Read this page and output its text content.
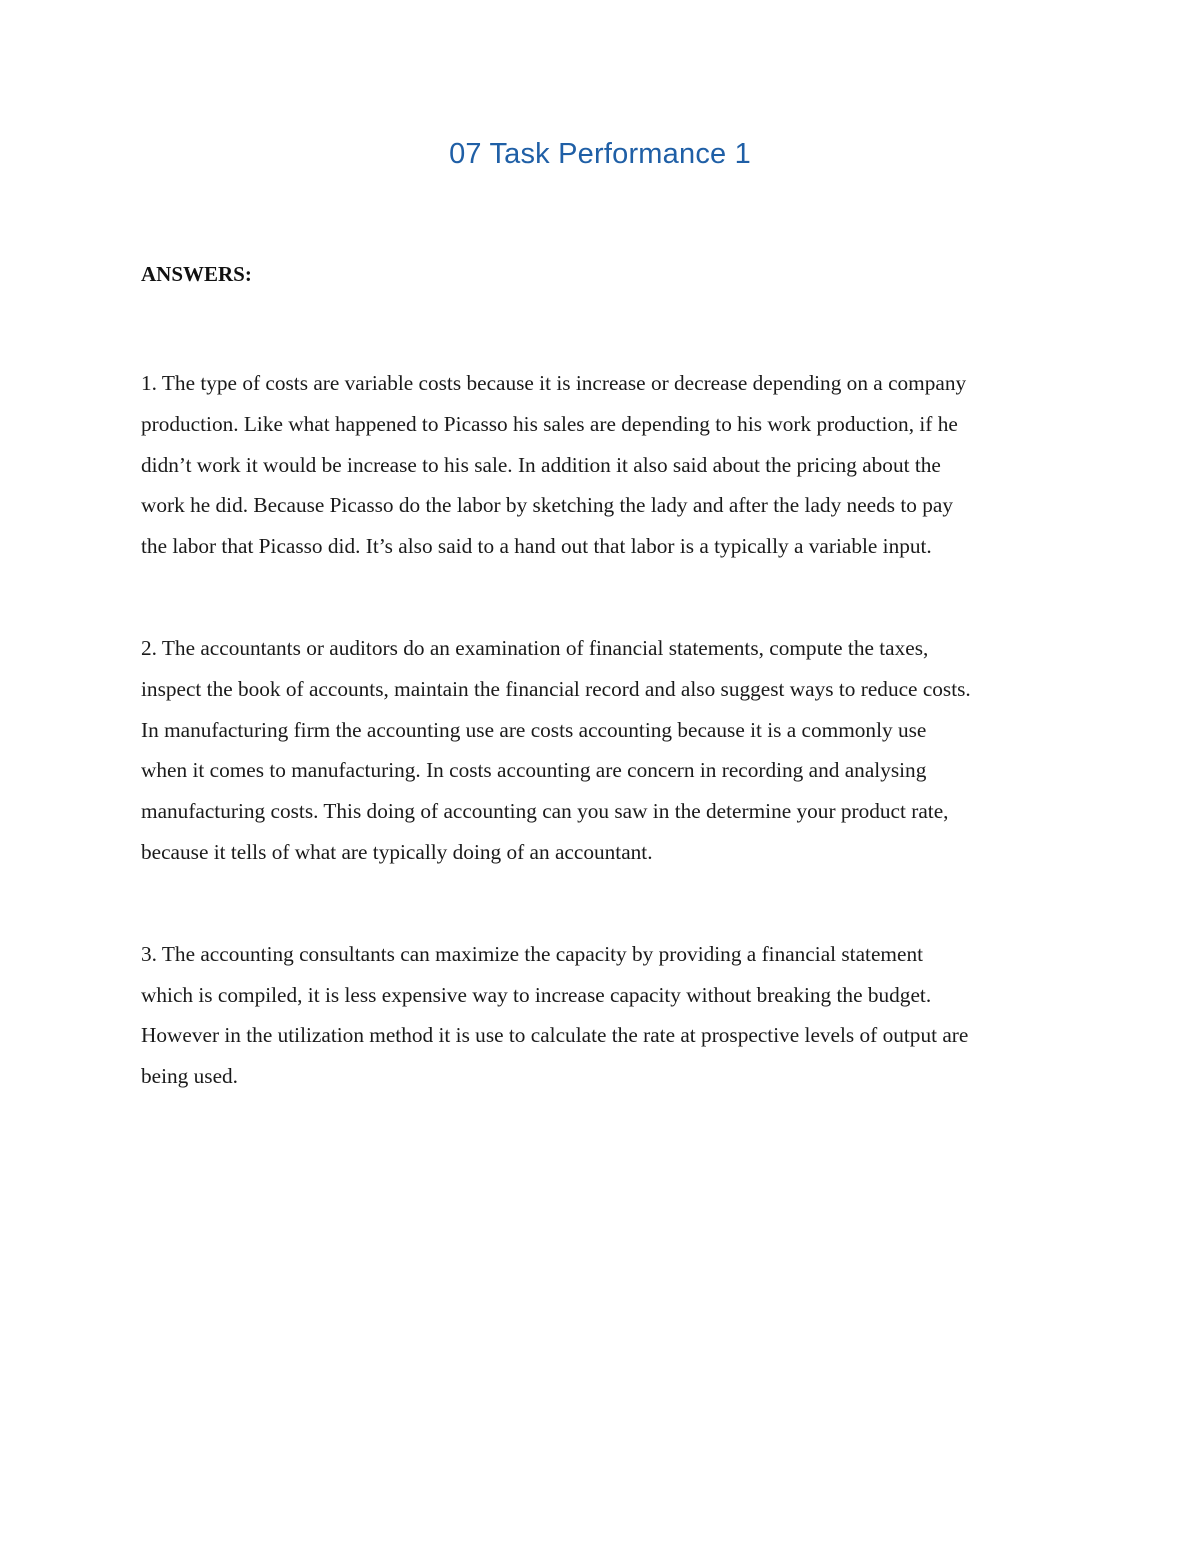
07 Task Performance 1
ANSWERS:

1. The type of costs are variable costs because it is increase or decrease depending on a company
production. Like what happened to Picasso his sales are depending to his work production, if he
didn’t work it would be increase to his sale. In addition it also said about the pricing about the
work he did. Because Picasso do the labor by sketching the lady and after the lady needs to pay
the labor that Picasso did. It’s also said to a hand out that labor is a typically a variable input.

2. The accountants or auditors do an examination of financial statements, compute the taxes,
inspect the book of accounts, maintain the financial record and also suggest ways to reduce costs.
In manufacturing firm the accounting use are costs accounting because it is a commonly use
when it comes to manufacturing. In costs accounting are concern in recording and analysing
manufacturing costs. This doing of accounting can you saw in the determine your product rate,
because it tells of what are typically doing of an accountant.

3. The accounting consultants can maximize the capacity by providing a financial statement
which is compiled, it is less expensive way to increase capacity without breaking the budget.
However in the utilization method it is use to calculate the rate at prospective levels of output are
being used.
